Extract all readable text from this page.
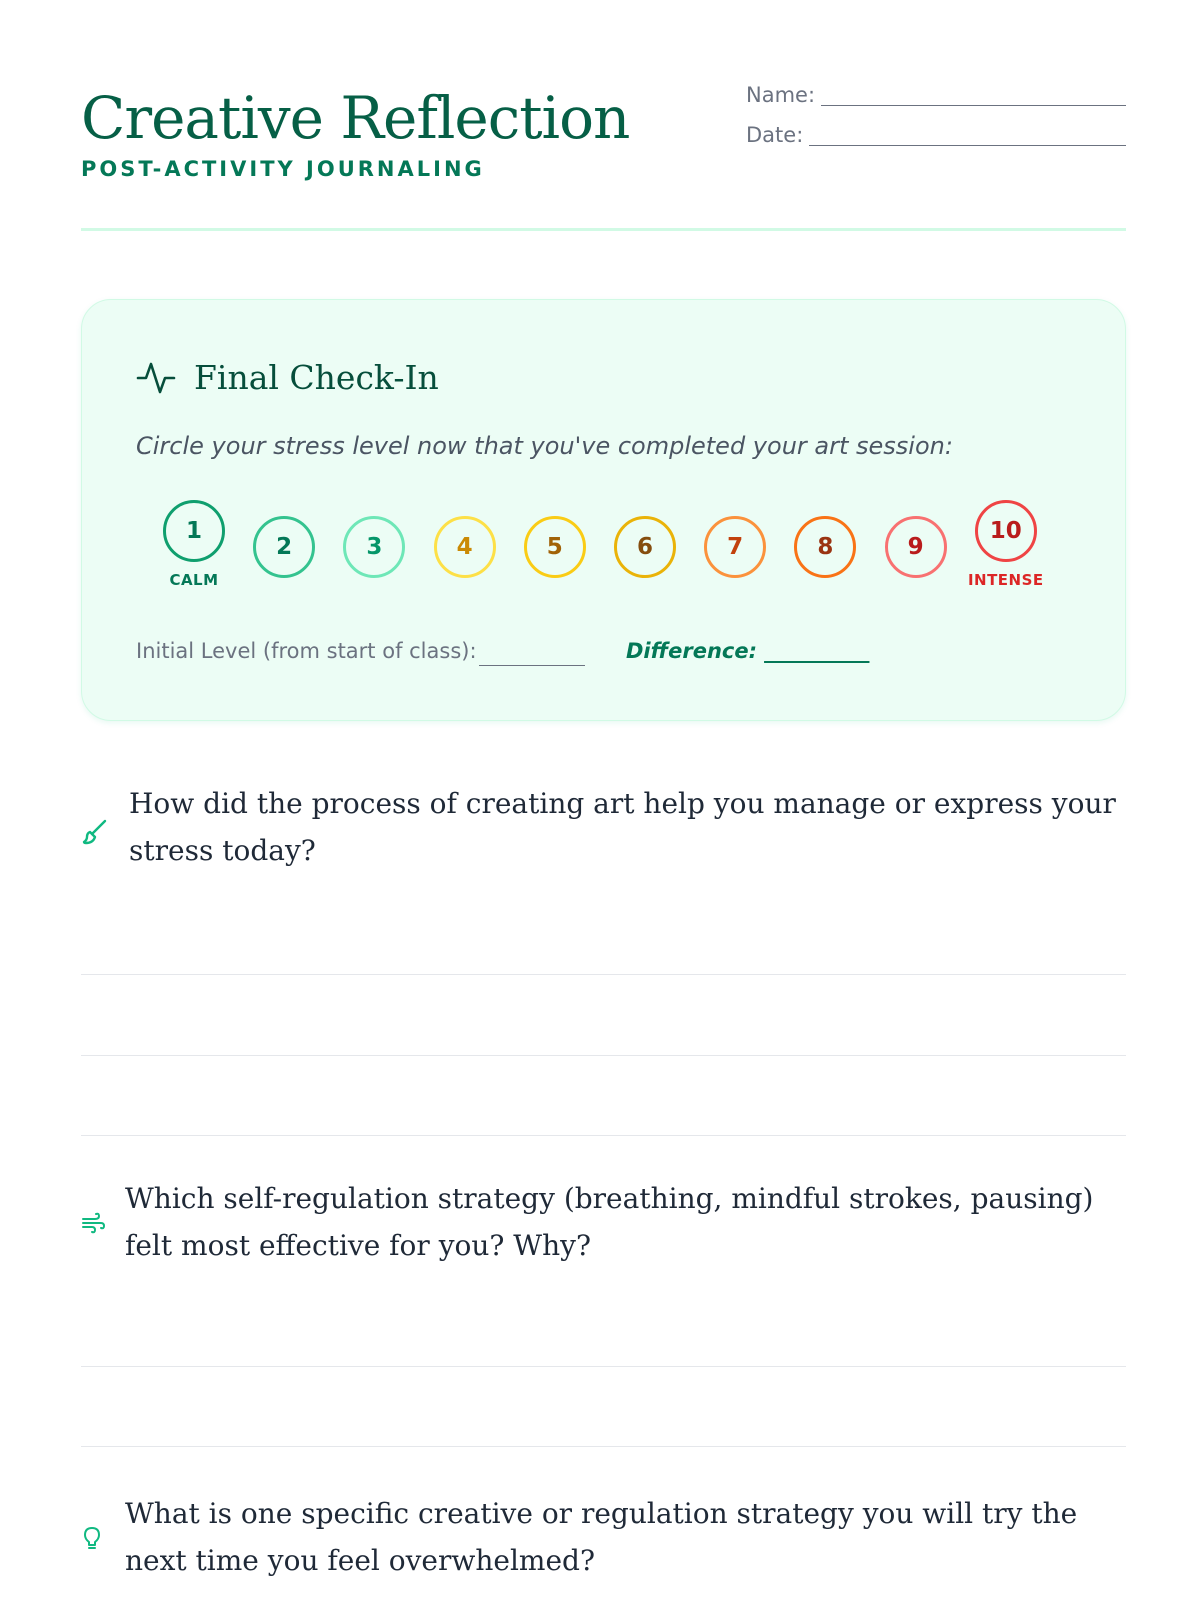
Creative Reflection
POST-ACTIVITY JOURNALING
Name:
Date:
Final Check-In
Circle your stress level now that you've completed your art session:
1
2	3	4	5	6	7	8	9
10
CALM	INTENSE
Initial Level (from start of class):	Difference: __________
How did the process of creating art help you manage or express your stress today?
Which self-regulation strategy (breathing, mindful strokes, pausing) felt most effective for you? Why?
What is one specific creative or regulation strategy you will try the next time you feel overwhelmed?
